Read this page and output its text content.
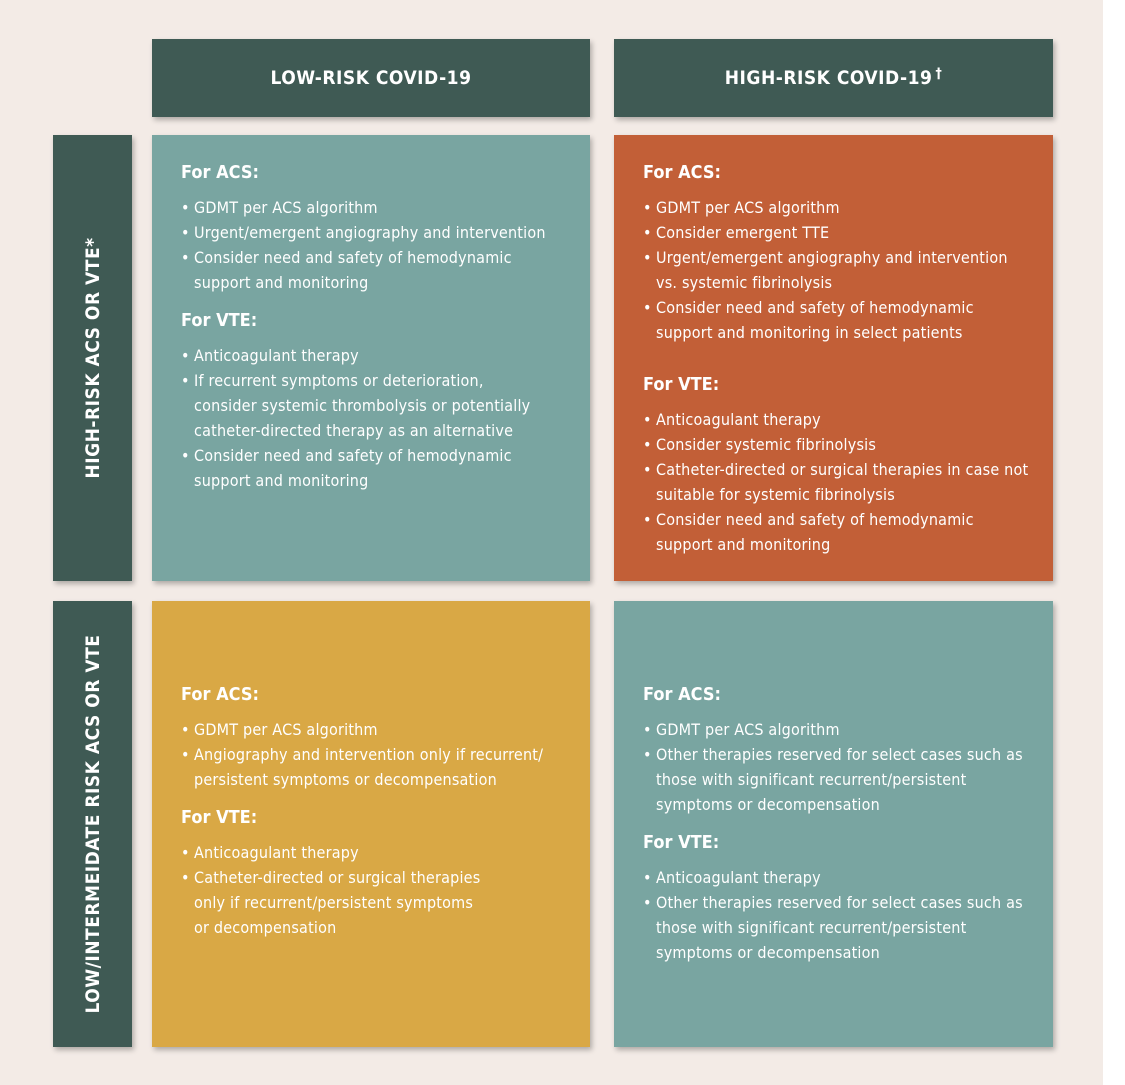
LOW-RISK COVID-19	HIGH-RISK COVID-19†
HIGH-RISK ACS OR VTE*
LOW/INTERMEIDATE RISK ACS OR VTE
For ACS:
• GDMT per ACS algorithm
• Urgent/emergent angiography and intervention
• Consider need and safety of hemodynamic support and monitoring
For VTE:
• Anticoagulant therapy
• If recurrent symptoms or deterioration, consider systemic thrombolysis or potentially catheter-directed therapy as an alternative
• Consider need and safety of hemodynamic support and monitoring
For ACS:
• GDMT per ACS algorithm
• Consider emergent TTE
• Urgent/emergent angiography and intervention vs. systemic fibrinolysis
• Consider need and safety of hemodynamic support and monitoring in select patients
For VTE:
• Anticoagulant therapy
• Consider systemic fibrinolysis
• Catheter-directed or surgical therapies in case not suitable for systemic fibrinolysis
• Consider need and safety of hemodynamic support and monitoring
For ACS:
• GDMT per ACS algorithm
• Angiography and intervention only if recurrent/ persistent symptoms or decompensation
For VTE:
• Anticoagulant therapy
• Catheter-directed or surgical therapies only if recurrent/persistent symptoms or decompensation
For ACS:
• GDMT per ACS algorithm
• Other therapies reserved for select cases such as those with significant recurrent/persistent symptoms or decompensation
For VTE:
• Anticoagulant therapy
• Other therapies reserved for select cases such as those with significant recurrent/persistent symptoms or decompensation
